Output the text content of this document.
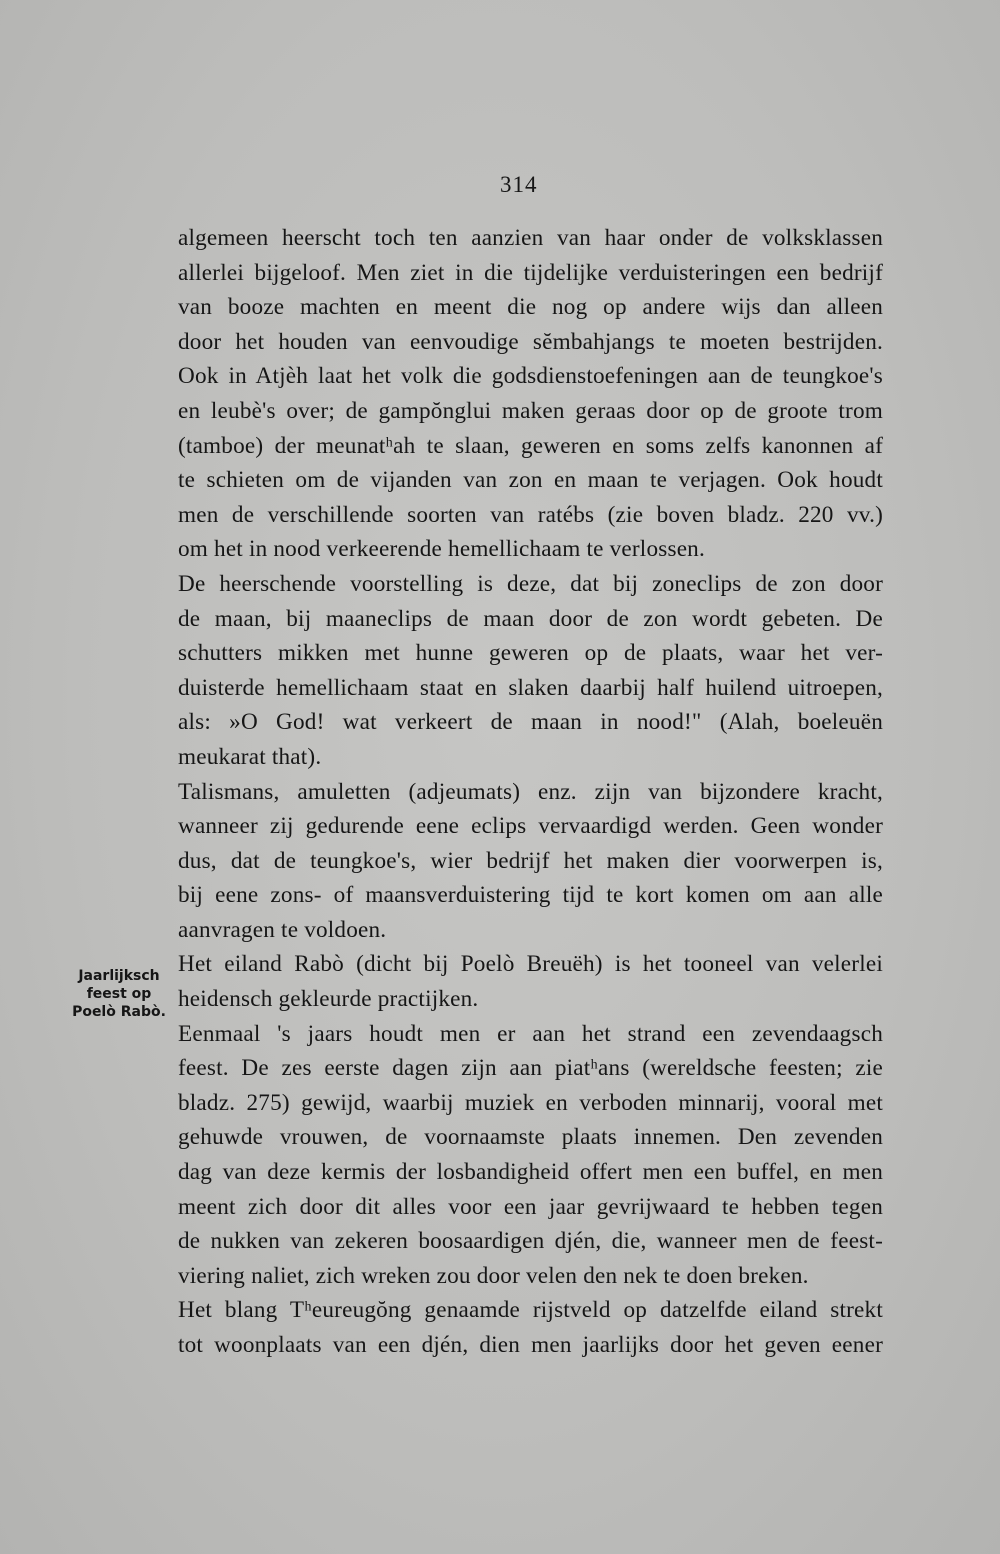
314
Jaarlijksch
feest op
Poelò Rabò.
algemeen heerscht toch ten aanzien van haar onder de volksklassen
allerlei bijgeloof. Men ziet in die tijdelijke verduisteringen een bedrijf
van booze machten en meent die nog op andere wijs dan alleen
door het houden van eenvoudige sĕmbahjangs te moeten bestrijden.
Ook in Atjèh laat het volk die godsdienstoefeningen aan de teungkoe's
en leubè's over; de gampŏnglui maken geraas door op de groote trom
(tamboe) der meunatʰah te slaan, geweren en soms zelfs kanonnen af
te schieten om de vijanden van zon en maan te verjagen. Ook houdt
men de verschillende soorten van ratébs (zie boven bladz. 220 vv.)
om het in nood verkeerende hemellichaam te verlossen.
De heerschende voorstelling is deze, dat bij zoneclips de zon door
de maan, bij maaneclips de maan door de zon wordt gebeten. De
schutters mikken met hunne geweren op de plaats, waar het ver-
duisterde hemellichaam staat en slaken daarbij half huilend uitroepen,
als: »O God! wat verkeert de maan in nood!" (Alah, boeleuën
meukarat that).
Talismans, amuletten (adjeumats) enz. zijn van bijzondere kracht,
wanneer zij gedurende eene eclips vervaardigd werden. Geen wonder
dus, dat de teungkoe's, wier bedrijf het maken dier voorwerpen is,
bij eene zons- of maansverduistering tijd te kort komen om aan alle
aanvragen te voldoen.
Het eiland Rabò (dicht bij Poelò Breuëh) is het tooneel van velerlei
heidensch gekleurde practijken.
Eenmaal 's jaars houdt men er aan het strand een zevendaagsch
feest. De zes eerste dagen zijn aan piatʰans (wereldsche feesten; zie
bladz. 275) gewijd, waarbij muziek en verboden minnarij, vooral met
gehuwde vrouwen, de voornaamste plaats innemen. Den zevenden
dag van deze kermis der losbandigheid offert men een buffel, en men
meent zich door dit alles voor een jaar gevrijwaard te hebben tegen
de nukken van zekeren boosaardigen djén, die, wanneer men de feest-
viering naliet, zich wreken zou door velen den nek te doen breken.
Het blang Tʰeureugŏng genaamde rijstveld op datzelfde eiland strekt
tot woonplaats van een djén, dien men jaarlijks door het geven eener
